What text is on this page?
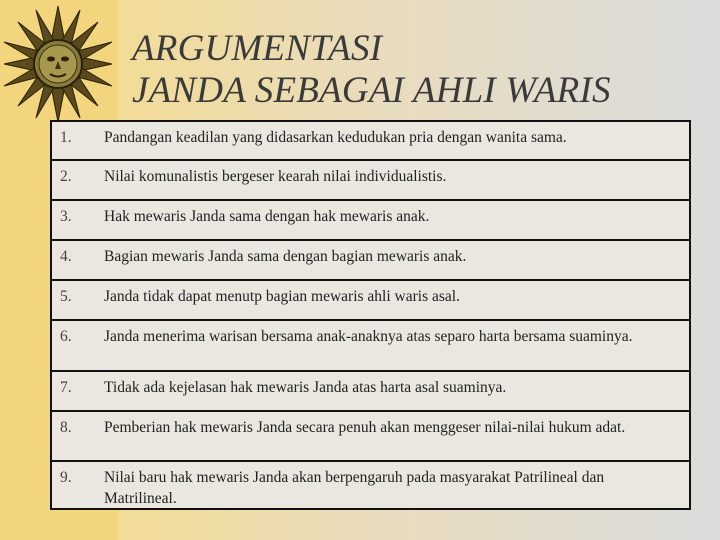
ARGUMENTASI
JANDA SEBAGAI AHLI WARIS
1.	Pandangan keadilan yang didasarkan kedudukan pria dengan wanita sama.
2.	Nilai komunalistis bergeser kearah nilai individualistis.
3.	Hak mewaris Janda sama dengan hak mewaris anak.
4.	Bagian mewaris Janda sama dengan bagian mewaris anak.
5.	Janda tidak dapat menutp bagian mewaris ahli waris asal.
6.	Janda menerima warisan bersama anak-anaknya atas separo harta bersama suaminya.
7.	Tidak ada kejelasan hak mewaris Janda atas harta asal suaminya.
8.	Pemberian hak mewaris Janda secara penuh akan menggeser nilai-nilai hukum adat.
9.	Nilai baru hak mewaris Janda akan berpengaruh pada masyarakat Patrilineal dan Matrilineal.
